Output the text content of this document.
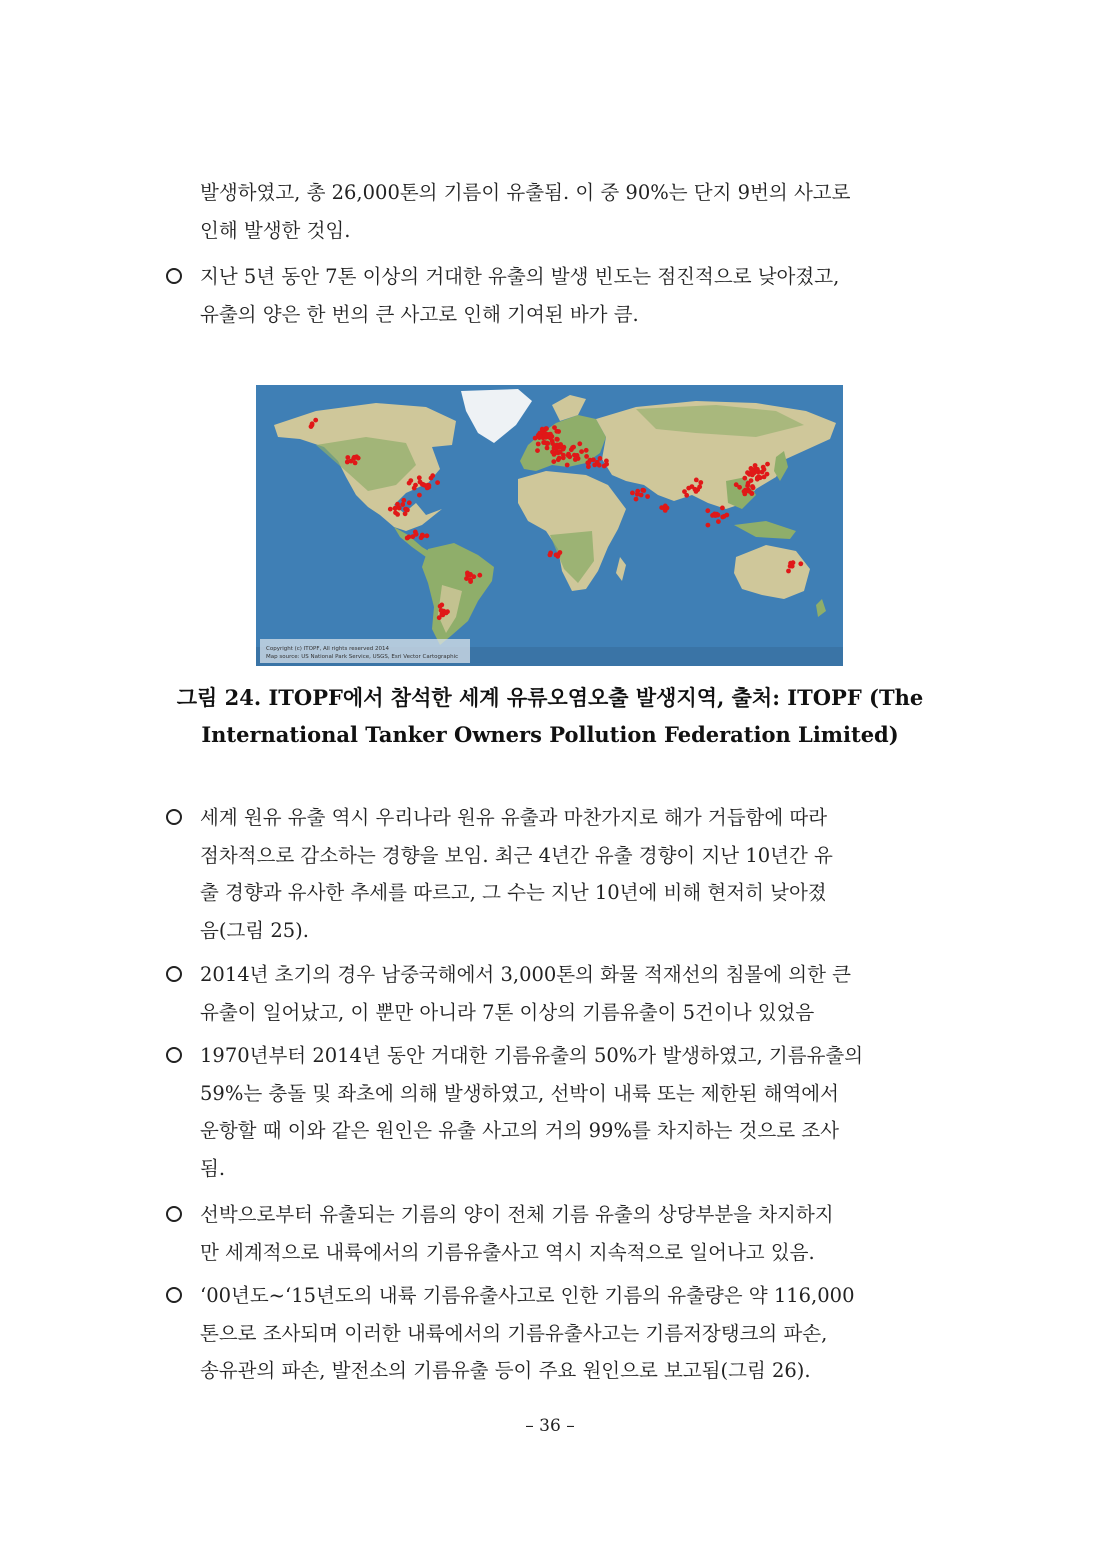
발생하였고, 총 26,000톤의 기름이 유출됨. 이 중 90%는 단지 9번의 사고로
인해 발생한 것임.
지난 5년 동안 7톤 이상의 거대한 유출의 발생 빈도는 점진적으로 낮아졌고,
유출의 양은 한 번의 큰 사고로 인해 기여된 바가 큼.
Copyright (c) ITOPF, All rights reserved 2014
Map source: US National Park Service, USGS, Esri Vector Cartographic
그림 24. ITOPF에서 참석한 세계 유류오염오출 발생지역, 출처: ITOPF (The
International Tanker Owners Pollution Federation Limited)
세계 원유 유출 역시 우리나라 원유 유출과 마찬가지로 해가 거듭함에 따라
점차적으로 감소하는 경향을 보임. 최근 4년간 유출 경향이 지난 10년간 유
출 경향과 유사한 추세를 따르고, 그 수는 지난 10년에 비해 현저히 낮아졌
음(그림 25).
2014년 초기의 경우 남중국해에서 3,000톤의 화물 적재선의 침몰에 의한 큰
유출이 일어났고, 이 뿐만 아니라 7톤 이상의 기름유출이 5건이나 있었음
1970년부터 2014년 동안 거대한 기름유출의 50%가 발생하였고, 기름유출의
59%는 충돌 및 좌초에 의해 발생하였고, 선박이 내륙 또는 제한된 해역에서
운항할 때 이와 같은 원인은 유출 사고의 거의 99%를 차지하는 것으로 조사
됨.
선박으로부터 유출되는 기름의 양이 전체 기름 유출의 상당부분을 차지하지
만 세계적으로 내륙에서의 기름유출사고 역시 지속적으로 일어나고 있음.
‘00년도~‘15년도의 내륙 기름유출사고로 인한 기름의 유출량은 약 116,000
톤으로 조사되며 이러한 내륙에서의 기름유출사고는 기름저장탱크의 파손,
송유관의 파손, 발전소의 기름유출 등이 주요 원인으로 보고됨(그림 26).
– 36 –
